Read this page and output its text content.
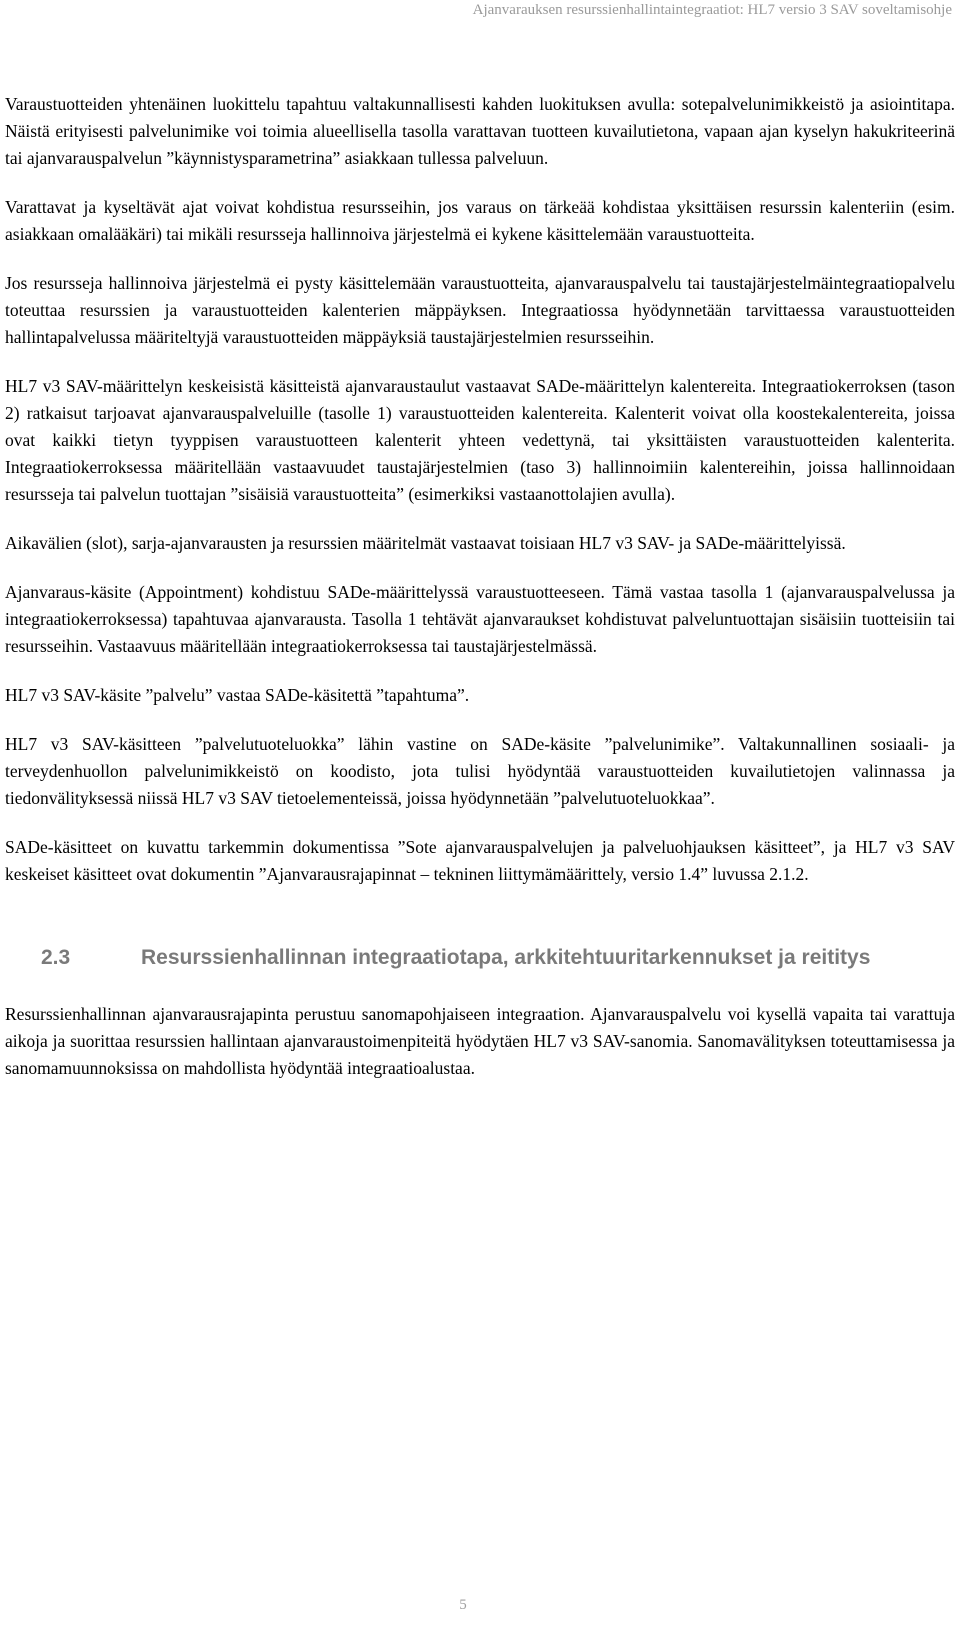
Ajanvarauksen resurssienhallintaintegraatiot: HL7 versio 3 SAV soveltamisohje

Varaustuotteiden yhtenäinen luokittelu tapahtuu valtakunnallisesti kahden luokituksen avulla: sotepalvelunimikkeistö ja asiointitapa. Näistä erityisesti palvelunimike voi toimia alueellisella tasolla varattavan tuotteen kuvailutietona, vapaan ajan kyselyn hakukriteerinä tai ajanvarauspalvelun ”käynnistysparametrina” asiakkaan tullessa palveluun.

Varattavat ja kyseltävät ajat voivat kohdistua resursseihin, jos varaus on tärkeää kohdistaa yksittäisen resurssin kalenteriin (esim. asiakkaan omalääkäri) tai mikäli resursseja hallinnoiva järjestelmä ei kykene käsittelemään varaustuotteita.

Jos resursseja hallinnoiva järjestelmä ei pysty käsittelemään varaustuotteita, ajanvarauspalvelu tai taustajärjestelmäintegraatiopalvelu toteuttaa resurssien ja varaustuotteiden kalenterien mäppäyksen. Integraatiossa hyödynnetään tarvittaessa varaustuotteiden hallintapalvelussa määriteltyjä varaustuotteiden mäppäyksiä taustajärjestelmien resursseihin.

HL7 v3 SAV-määrittelyn keskeisistä käsitteistä ajanvaraustaulut vastaavat SADe-määrittelyn kalentereita. Integraatiokerroksen (tason 2) ratkaisut tarjoavat ajanvarauspalveluille (tasolle 1) varaustuotteiden kalentereita. Kalenterit voivat olla koostekalentereita, joissa ovat kaikki tietyn tyyppisen varaustuotteen kalenterit yhteen vedettynä, tai yksittäisten varaustuotteiden kalenterita. Integraatiokerroksessa määritellään vastaavuudet taustajärjestelmien (taso 3) hallinnoimiin kalentereihin, joissa hallinnoidaan resursseja tai palvelun tuottajan ”sisäisiä varaustuotteita” (esimerkiksi vastaanottolajien avulla).

Aikavälien (slot), sarja-ajanvarausten ja resurssien määritelmät vastaavat toisiaan HL7 v3 SAV- ja SADe-määrittelyissä.

Ajanvaraus-käsite (Appointment) kohdistuu SADe-määrittelyssä varaustuotteeseen. Tämä vastaa tasolla 1 (ajanvarauspalvelussa ja integraatiokerroksessa) tapahtuvaa ajanvarausta. Tasolla 1 tehtävät ajanvaraukset kohdistuvat palveluntuottajan sisäisiin tuotteisiin tai resursseihin. Vastaavuus määritellään integraatiokerroksessa tai taustajärjestelmässä.

HL7 v3 SAV-käsite ”palvelu” vastaa SADe-käsitettä ”tapahtuma”.

HL7 v3 SAV-käsitteen ”palvelutuoteluokka” lähin vastine on SADe-käsite ”palvelunimike”. Valtakunnallinen sosiaali- ja terveydenhuollon palvelunimikkeistö on koodisto, jota tulisi hyödyntää varaustuotteiden kuvailutietojen valinnassa ja tiedonvälityksessä niissä HL7 v3 SAV tietoelementeissä, joissa hyödynnetään ”palvelutuoteluokkaa”.

SADe-käsitteet on kuvattu tarkemmin dokumentissa ”Sote ajanvarauspalvelujen ja palveluohjauksen käsitteet”, ja HL7 v3 SAV keskeiset käsitteet ovat dokumentin ”Ajanvarausrajapinnat – tekninen liittymämäärittely, versio 1.4” luvussa 2.1.2.

2.3	Resurssienhallinnan integraatiotapa, arkkitehtuuritarkennukset ja reititys

Resurssienhallinnan ajanvarausrajapinta perustuu sanomapohjaiseen integraation. Ajanvarauspalvelu voi kysellä vapaita tai varattuja aikoja ja suorittaa resurssien hallintaan ajanvaraustoimenpiteitä hyödytäen HL7 v3 SAV-sanomia. Sanomavälityksen toteuttamisessa ja sanomamuunnoksissa on mahdollista hyödyntää integraatioalustaa.

5
